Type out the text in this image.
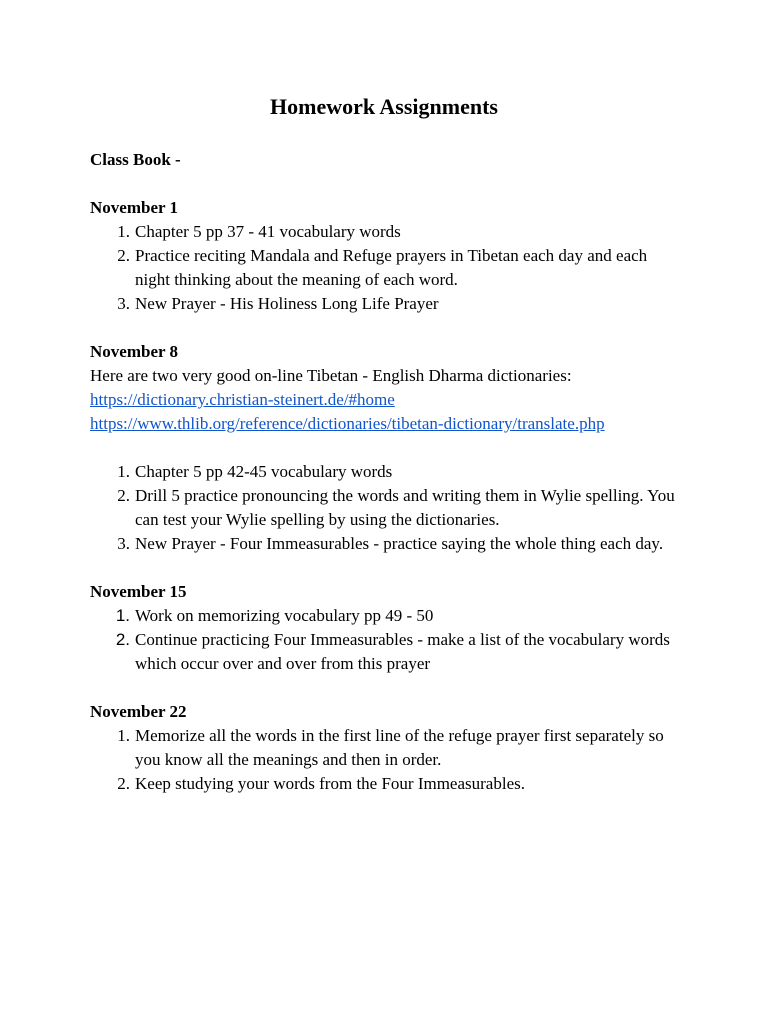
Homework Assignments
Class Book -
November 1
1. Chapter 5 pp 37 - 41 vocabulary words
2. Practice reciting Mandala and Refuge prayers in Tibetan each day and each night thinking about the meaning of each word.
3. New Prayer - His Holiness Long Life Prayer
November 8
Here are two very good on-line Tibetan - English Dharma dictionaries:
https://dictionary.christian-steinert.de/#home
https://www.thlib.org/reference/dictionaries/tibetan-dictionary/translate.php
1. Chapter 5 pp 42-45 vocabulary words
2. Drill 5 practice pronouncing the words and writing them in Wylie spelling. You can test your Wylie spelling by using the dictionaries.
3. New Prayer - Four Immeasurables - practice saying the whole thing each day.
November 15
1. Work on memorizing vocabulary pp 49 - 50
2. Continue practicing Four Immeasurables - make a list of the vocabulary words which occur over and over from this prayer
November 22
1. Memorize all the words in the first line of the refuge prayer first separately so you know all the meanings and then in order.
2. Keep studying your words from the Four Immeasurables.
